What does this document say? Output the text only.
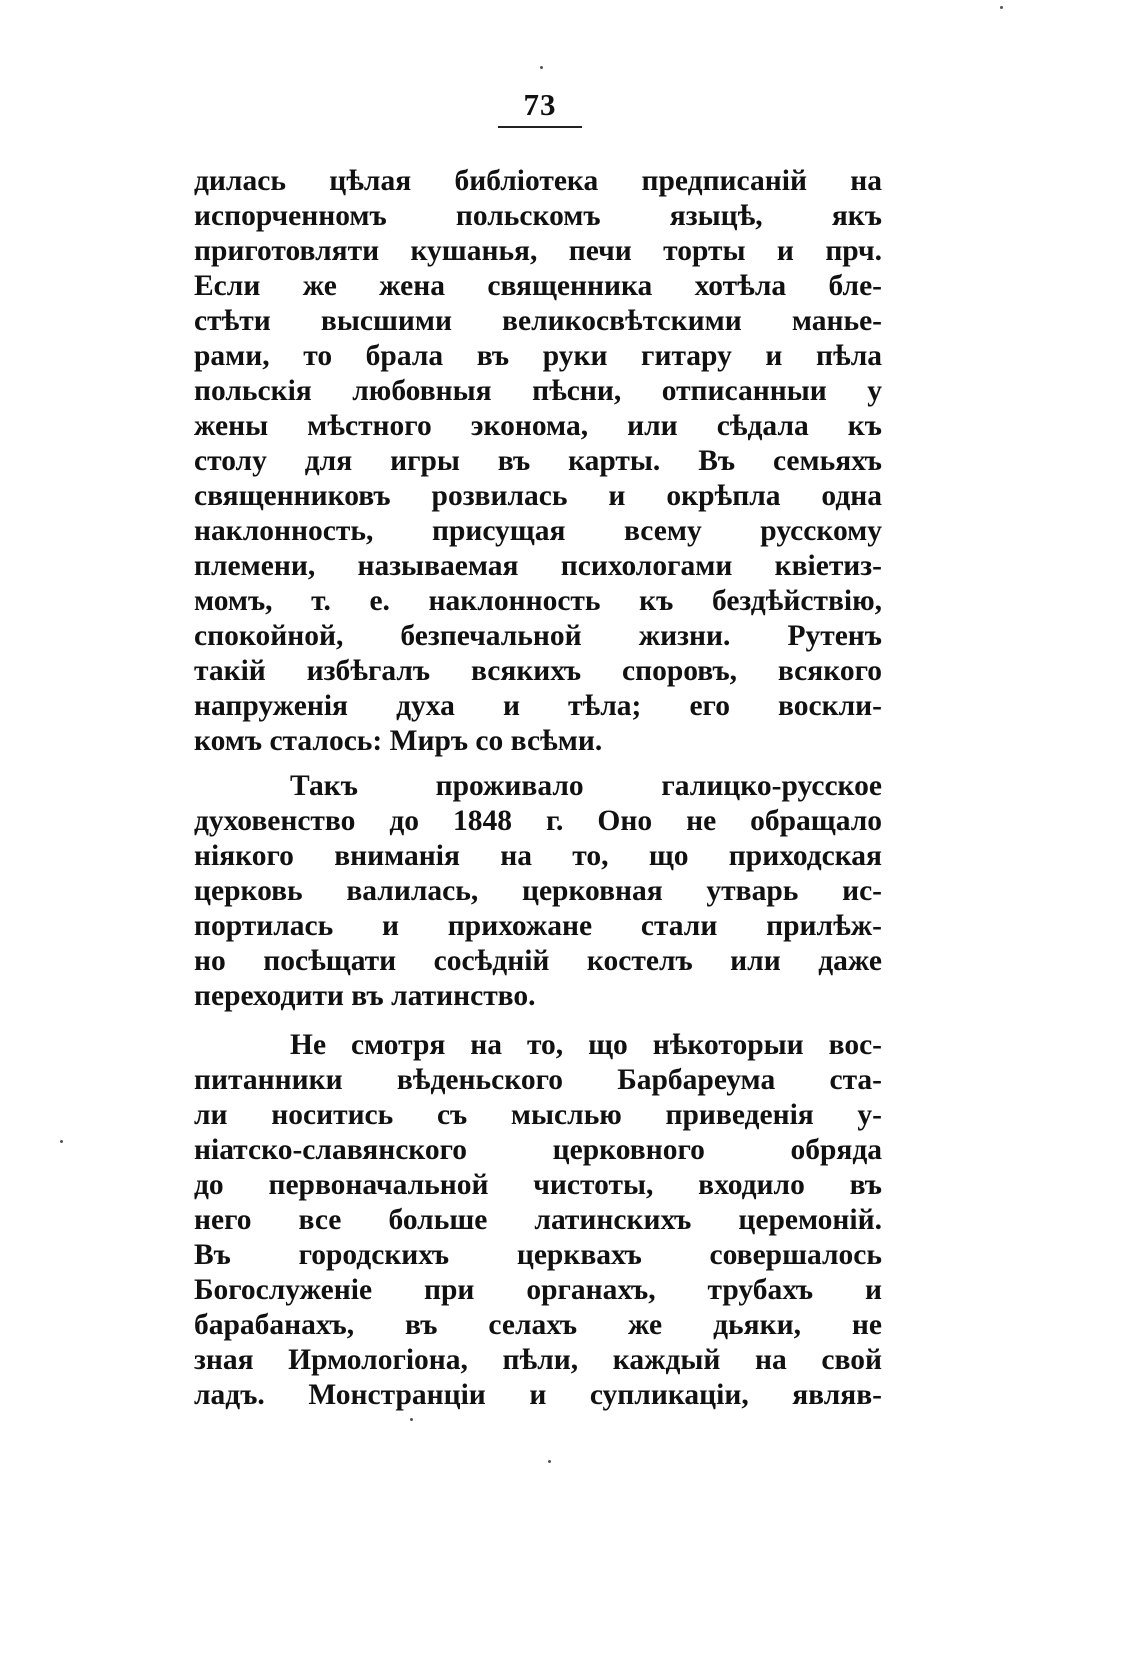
73

дилась цѣлая библіотека предписаній на
испорченномъ польскомъ языцѣ, якъ
приготовляти кушанья, печи торты и прч.
Если же жена священника хотѣла бле-
стѣти высшими великосвѣтскими маньe-
рами, то брала въ руки гитару и пѣла
польскія любовныя пѣсни, отписанныи у
жены мѣстного эконома, или сѣдала къ
столу для игры въ карты. Въ семьяхъ
священниковъ розвилась и окрѣпла одна
наклонность, присущая всему русскому
племени, называемая психологами квіетиз-
момъ, т. е. наклонность къ бездѣйствію,
спокойной, безпечальной жизни. Рутенъ
такій избѣгалъ всякихъ споровъ, всякого
напруженія духа и тѣла; его воскли-
комъ сталось: Миръ со всѣми.

Такъ проживало галицко-русское
духовенство до 1848 г. Оно не обращало
ніякого вниманія на то, що приходская
церковь валилась, церковная утварь ис-
портилась и прихожане стали прилѣж-
но посѣщати сосѣдній костелъ или даже
переходити въ латинство.

Не смотря на то, що нѣкоторыи вос-
питанники вѣденьского Барбареума ста-
ли носитись съ мыслью приведенія у-
ніатско-славянского церковного обряда
до первоначальной чистоты, входило въ
него все больше латинскихъ церемоній.
Въ городскихъ церквахъ совершалось
Богослуженіе при органахъ, трубахъ и
барабанахъ, въ селахъ же дьяки, не
зная Ирмологіона, пѣли, каждый на свой
ладъ. Монстранціи и супликаціи, являв-
